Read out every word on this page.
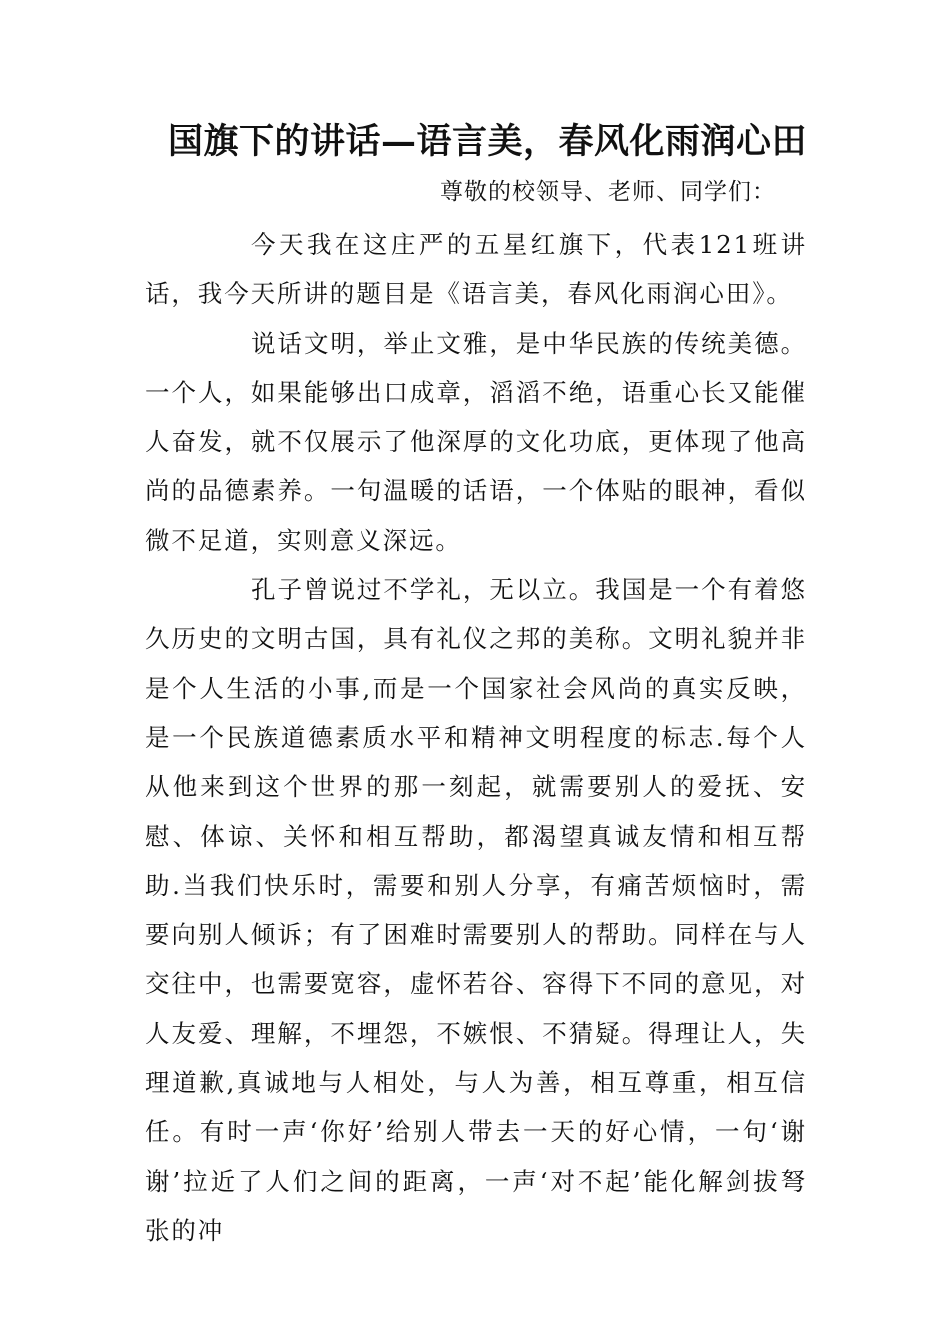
国旗下的讲话—语言美，春风化雨润心田

尊敬的校领导、老师、同学们：

今天我在这庄严的五星红旗下，代表121班讲话，我今天所讲的题目是《语言美，春风化雨润心田》。

说话文明，举止文雅，是中华民族的传统美德。一个人，如果能够出口成章，滔滔不绝，语重心长又能催人奋发，就不仅展示了他深厚的文化功底，更体现了他高尚的品德素养。一句温暖的话语，一个体贴的眼神，看似微不足道，实则意义深远。

孔子曾说过不学礼，无以立。我国是一个有着悠久历史的文明古国，具有礼仪之邦的美称。文明礼貌并非是个人生活的小事,而是一个国家社会风尚的真实反映，是一个民族道德素质水平和精神文明程度的标志.每个人从他来到这个世界的那一刻起，就需要别人的爱抚、安慰、体谅、关怀和相互帮助，都渴望真诚友情和相互帮助.当我们快乐时，需要和别人分享，有痛苦烦恼时，需要向别人倾诉；有了困难时需要别人的帮助。同样在与人交往中，也需要宽容，虚怀若谷、容得下不同的意见，对人友爱、理解，不埋怨，不嫉恨、不猜疑。得理让人，失理道歉,真诚地与人相处，与人为善，相互尊重，相互信任。有时一声‘你好’给别人带去一天的好心情，一句‘谢谢’拉近了人们之间的距离，一声‘对不起’能化解剑拔弩张的冲
